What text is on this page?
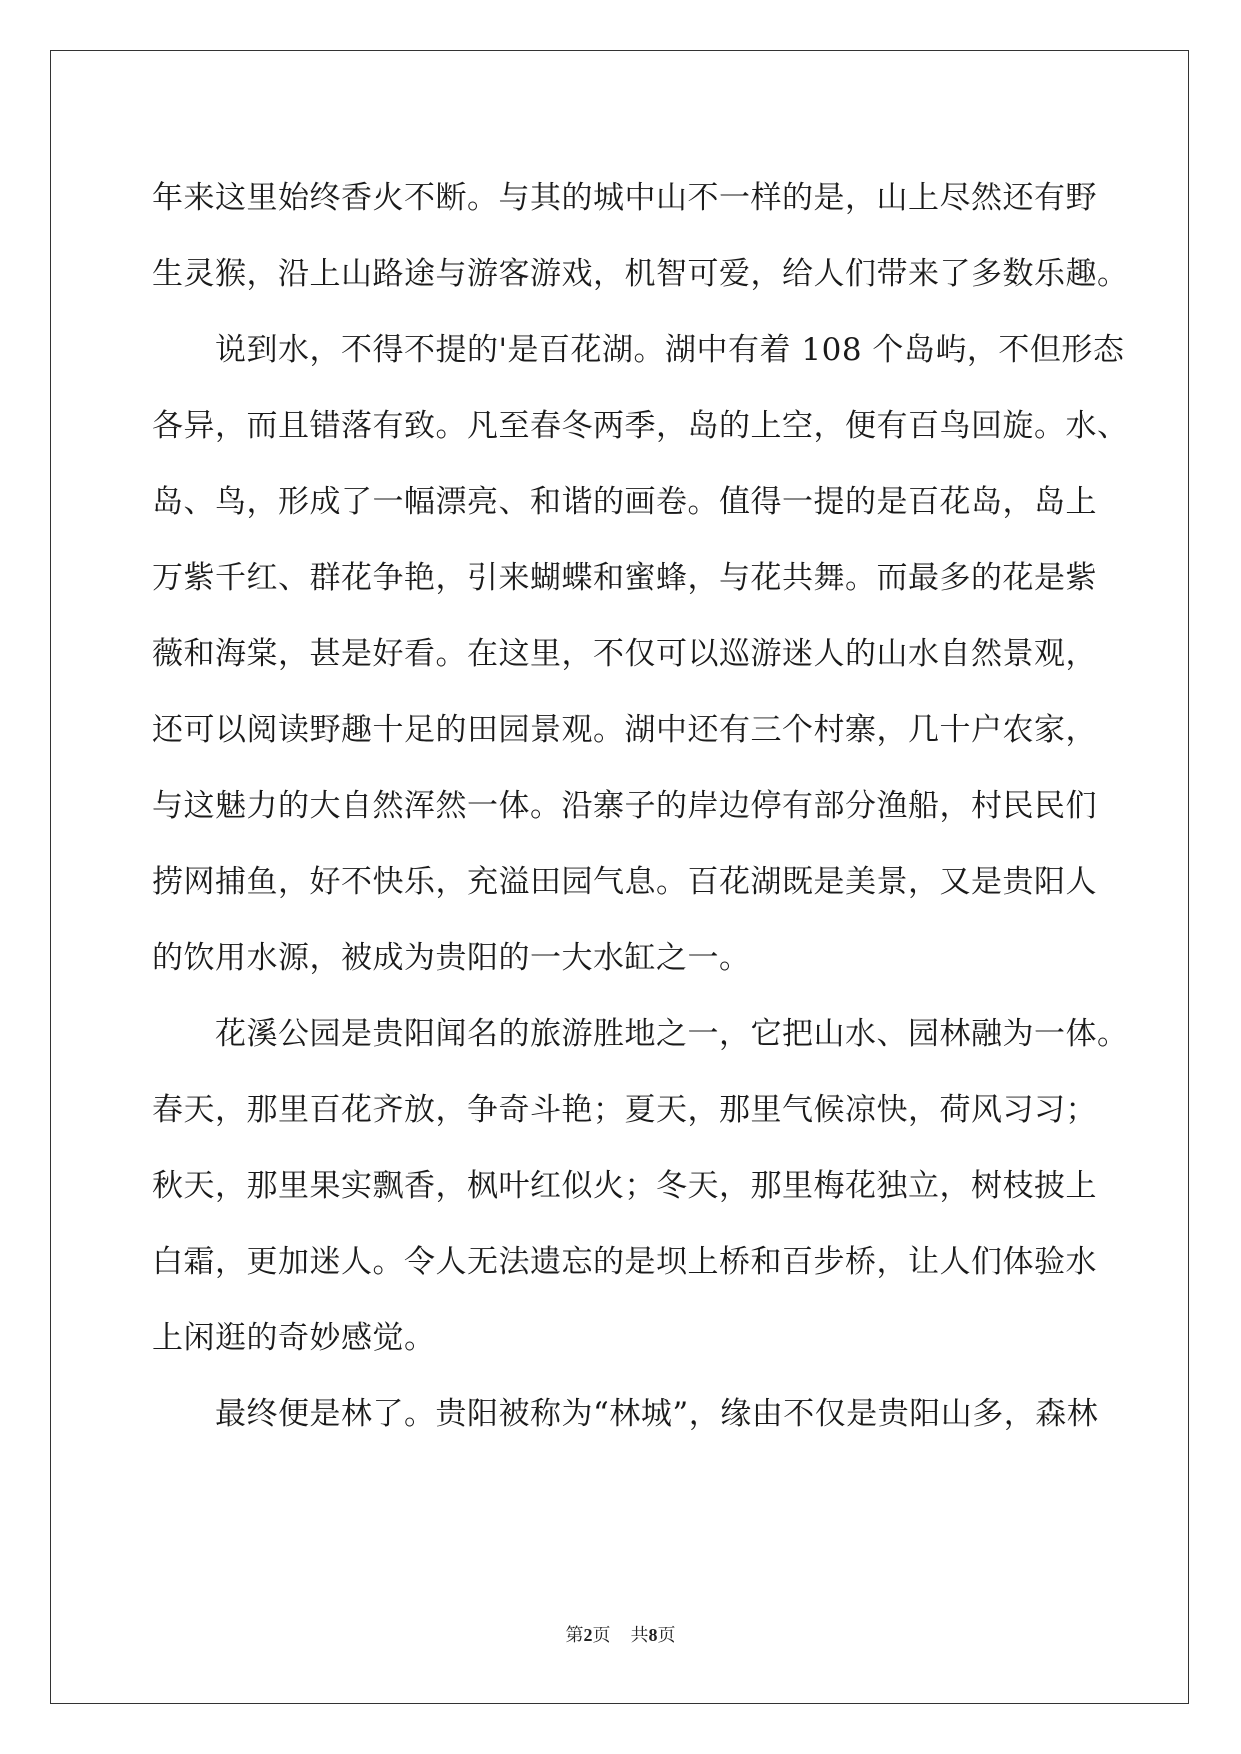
年来这里始终香火不断。与其的城中山不一样的是，山上尽然还有野
生灵猴，沿上山路途与游客游戏，机智可爱，给人们带来了多数乐趣。
说到水，不得不提的'是百花湖。湖中有着 108 个岛屿，不但形态
各异，而且错落有致。凡至春冬两季，岛的上空，便有百鸟回旋。水、
岛、鸟，形成了一幅漂亮、和谐的画卷。值得一提的是百花岛，岛上
万紫千红、群花争艳，引来蝴蝶和蜜蜂，与花共舞。而最多的花是紫
薇和海棠，甚是好看。在这里，不仅可以巡游迷人的山水自然景观，
还可以阅读野趣十足的田园景观。湖中还有三个村寨，几十户农家，
与这魅力的大自然浑然一体。沿寨子的岸边停有部分渔船，村民民们
捞网捕鱼，好不快乐，充溢田园气息。百花湖既是美景，又是贵阳人
的饮用水源，被成为贵阳的一大水缸之一。
花溪公园是贵阳闻名的旅游胜地之一，它把山水、园林融为一体。
春天，那里百花齐放，争奇斗艳；夏天，那里气候凉快，荷风习习；
秋天，那里果实飘香，枫叶红似火；冬天，那里梅花独立，树枝披上
白霜，更加迷人。令人无法遗忘的是坝上桥和百步桥，让人们体验水
上闲逛的奇妙感觉。
最终便是林了。贵阳被称为“林城”，缘由不仅是贵阳山多，森林
第2页 共8页
